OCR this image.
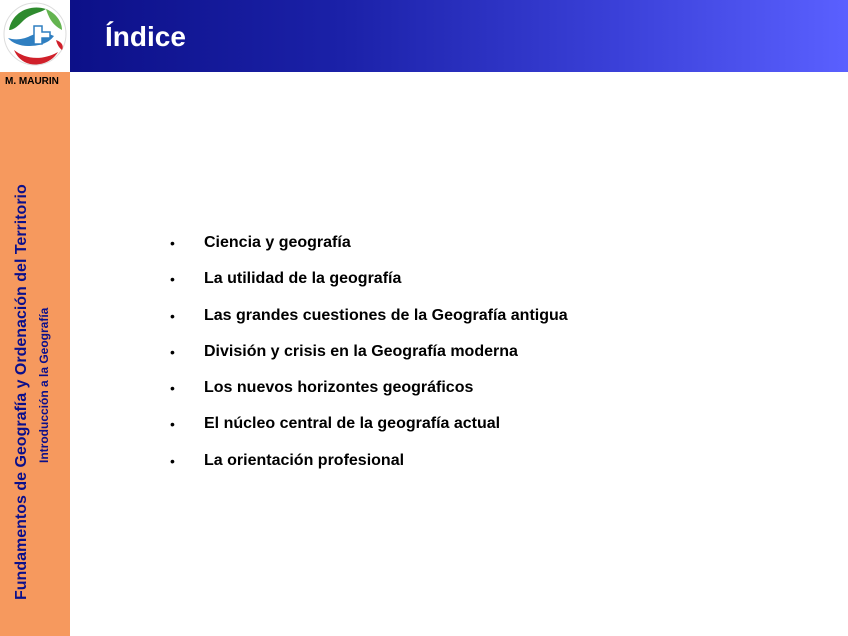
Índice
M. MAURIN
Fundamentos de Geografía y Ordenación del Territorio Introducción a la Geografía
•	Ciencia y geografía
•	La utilidad de la geografía
•	Las grandes cuestiones de la Geografía antigua
•	División y crisis en la Geografía moderna
•	Los nuevos horizontes geográficos
•	El núcleo central de la geografía actual
•	La orientación profesional
